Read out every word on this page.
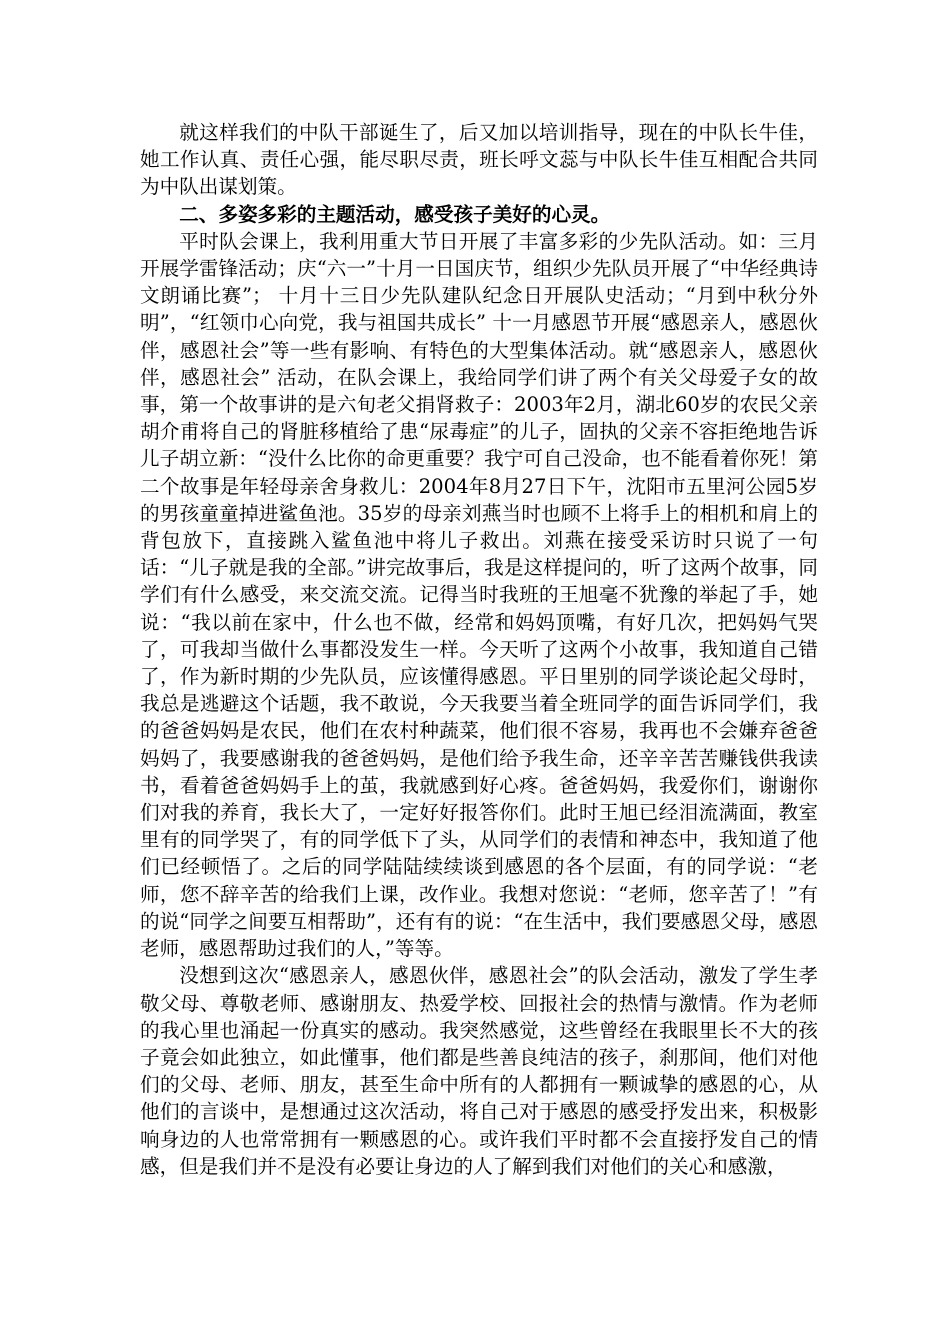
就这样我们的中队干部诞生了，后又加以培训指导，现在的中队长牛佳，她工作认真、责任心强，能尽职尽责，班长呼文蕊与中队长牛佳互相配合共同为中队出谋划策。

二、多姿多彩的主题活动，感受孩子美好的心灵。

平时队会课上，我利用重大节日开展了丰富多彩的少先队活动。如：三月开展学雷锋活动；庆“六一”十月一日国庆节，组织少先队员开展了“中华经典诗文朗诵比赛”； 十月十三日少先队建队纪念日开展队史活动；“月到中秋分外明”，“红领巾心向党，我与祖国共成长” 十一月感恩节开展“感恩亲人，感恩伙伴，感恩社会”等一些有影响、有特色的大型集体活动。就“感恩亲人，感恩伙伴，感恩社会” 活动，在队会课上，我给同学们讲了两个有关父母爱子女的故事，第一个故事讲的是六旬老父捐肾救子：2003年2月，湖北60岁的农民父亲胡介甫将自己的肾脏移植给了患“尿毒症”的儿子，固执的父亲不容拒绝地告诉儿子胡立新：“没什么比你的命更重要？我宁可自己没命，也不能看着你死！第二个故事是年轻母亲舍身救儿：2004年8月27日下午，沈阳市五里河公园5岁的男孩童童掉进鲨鱼池。35岁的母亲刘燕当时也顾不上将手上的相机和肩上的背包放下，直接跳入鲨鱼池中将儿子救出。刘燕在接受采访时只说了一句话：“儿子就是我的全部。”讲完故事后，我是这样提问的，听了这两个故事，同学们有什么感受，来交流交流。记得当时我班的王旭毫不犹豫的举起了手，她说：“我以前在家中，什么也不做，经常和妈妈顶嘴，有好几次，把妈妈气哭了，可我却当做什么事都没发生一样。今天听了这两个小故事，我知道自己错了，作为新时期的少先队员，应该懂得感恩。平日里别的同学谈论起父母时，我总是逃避这个话题，我不敢说，今天我要当着全班同学的面告诉同学们，我的爸爸妈妈是农民，他们在农村种蔬菜，他们很不容易，我再也不会嫌弃爸爸妈妈了，我要感谢我的爸爸妈妈，是他们给予我生命，还辛辛苦苦赚钱供我读书，看着爸爸妈妈手上的茧，我就感到好心疼。爸爸妈妈，我爱你们，谢谢你们对我的养育，我长大了，一定好好报答你们。此时王旭已经泪流满面，教室里有的同学哭了，有的同学低下了头，从同学们的表情和神态中，我知道了他们已经顿悟了。之后的同学陆陆续续谈到感恩的各个层面，有的同学说：“老师，您不辞辛苦的给我们上课，改作业。我想对您说：“老师，您辛苦了！”有的说“同学之间要互相帮助”，还有有的说：“在生活中，我们要感恩父母，感恩老师，感恩帮助过我们的人，”等等。

没想到这次“感恩亲人，感恩伙伴，感恩社会”的队会活动，激发了学生孝敬父母、尊敬老师、感谢朋友、热爱学校、回报社会的热情与激情。作为老师的我心里也涌起一份真实的感动。我突然感觉，这些曾经在我眼里长不大的孩子竟会如此独立，如此懂事，他们都是些善良纯洁的孩子，刹那间，他们对他们的父母、老师、朋友，甚至生命中所有的人都拥有一颗诚挚的感恩的心，从他们的言谈中，是想通过这次活动，将自己对于感恩的感受抒发出来，积极影响身边的人也常常拥有一颗感恩的心。或许我们平时都不会直接抒发自己的情感，但是我们并不是没有必要让身边的人了解到我们对他们的关心和感激，
